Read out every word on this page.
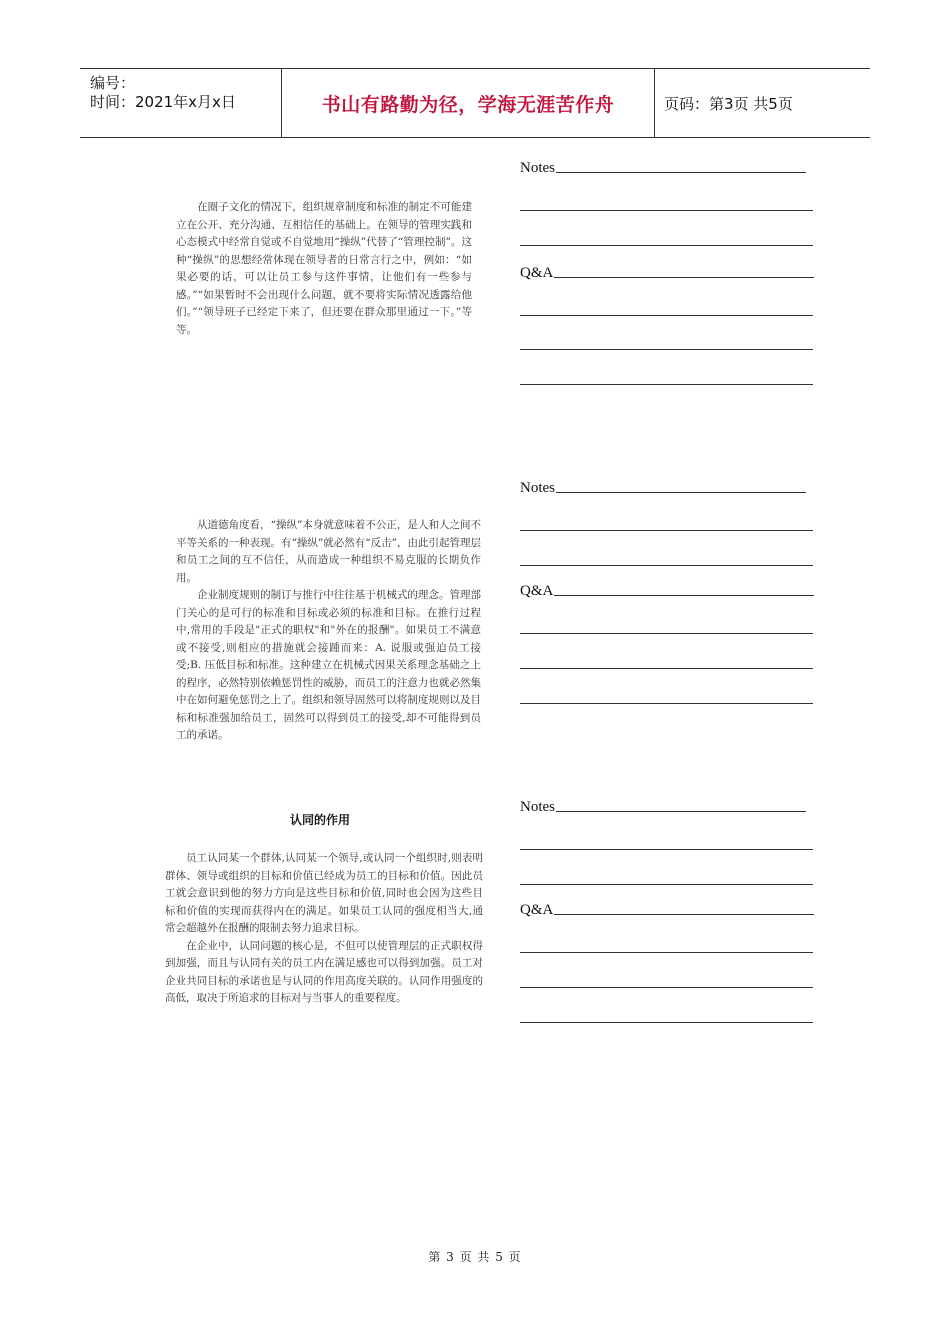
编号：
时间：2021年x月x日	书山有路勤为径，学海无涯苦作舟	页码：第3页 共5页

在圈子文化的情况下，组织规章制度和标准的制定不可能建立在公开、充分沟通、互相信任的基础上。在领导的管理实践和心态模式中经常自觉或不自觉地用“操纵”代替了“管理控制”。这种“操纵”的思想经常体现在领导者的日常言行之中，例如：“如果必要的话，可以让员工参与这件事情，让他们有一些参与感。”“如果暂时不会出现什么问题，就不要将实际情况透露给他们。”“领导班子已经定下来了，但还要在群众那里通过一下。”等等。

从道德角度看，“操纵”本身就意味着不公正，是人和人之间不平等关系的一种表现。有“操纵”就必然有“反击”，由此引起管理层和员工之间的互不信任，从而造成一种组织不易克服的长期负作用。

企业制度规则的制订与推行中往往基于机械式的理念。管理部门关心的是可行的标准和目标或必须的标准和目标。在推行过程中,常用的手段是"正式的职权"和"外在的报酬"。如果员工不满意或不接受,则相应的措施就会接踵而来：A. 说服或强迫员工接受;B. 压低目标和标准。这种建立在机械式因果关系理念基础之上的程序，必然特别依赖惩罚性的威胁，而员工的注意力也就必然集中在如何避免惩罚之上了。组织和领导固然可以将制度规则以及目标和标准强加给员工，固然可以得到员工的接受,却不可能得到员工的承诺。

认同的作用

员工认同某一个群体,认同某一个领导,或认同一个组织时,则表明群体、领导或组织的目标和价值已经成为员工的目标和价值。因此员工就会意识到他的努力方向是这些目标和价值,同时也会因为这些目标和价值的实现而获得内在的满足。如果员工认同的强度相当大,通常会超越外在报酬的限制去努力追求目标。

在企业中，认同问题的核心是，不但可以使管理层的正式职权得到加强，而且与认同有关的员工内在满足感也可以得到加强。员工对企业共同目标的承诺也是与认同的作用高度关联的。认同作用强度的高低，取决于所追求的目标对与当事人的重要程度。

Notes
Q&A
Notes
Q&A
Notes
Q&A
第 3 页 共 5 页
